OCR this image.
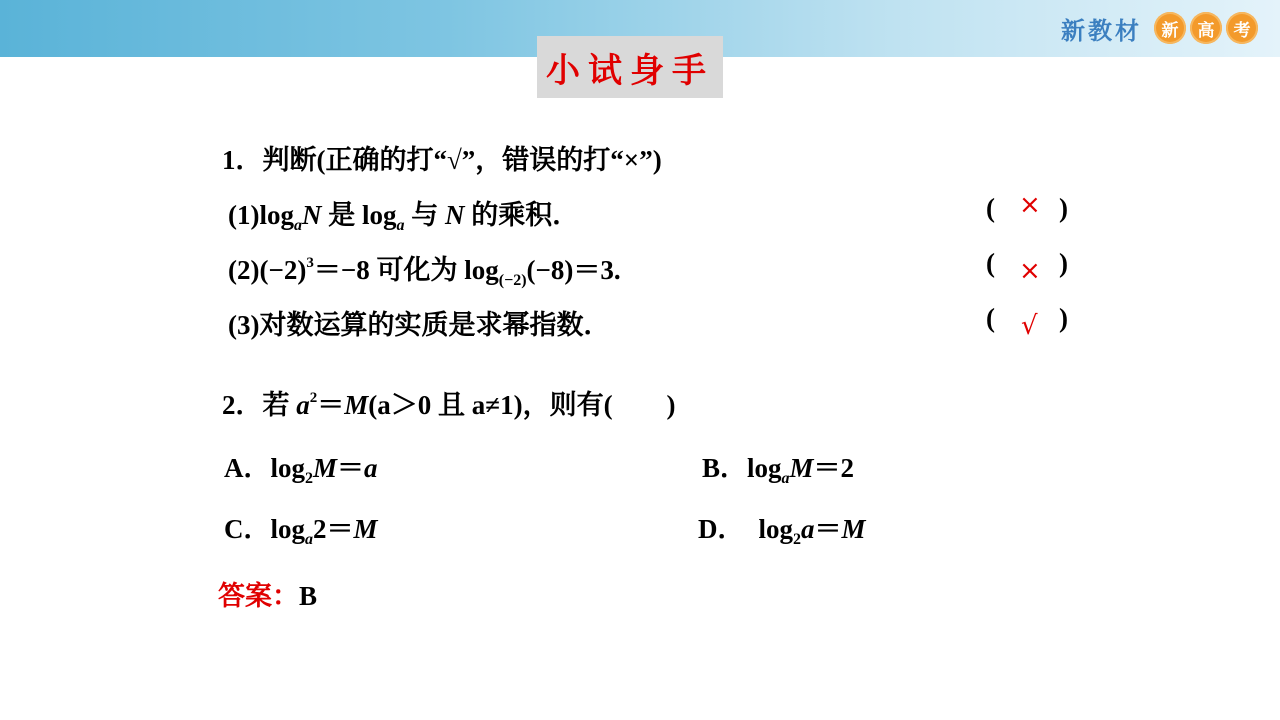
新教材	新	高	考
小试身手
1．判断(正确的打“√”，错误的打“×”)
$(1)\log_aN$ 是 $\log_a$ 与 N 的乘积．	( × )
$(2)(-2)^3=-8$ 可化为 $\log_{(-2)}(-8)=3$.	( × )
(3)对数运算的实质是求幂指数．	( √ )
2．若 $a^2=M(a>0$ 且 a≠1)，则有(　　)
A．$\log_2M=a$	B．$\log_aM=2$
C．$\log_a2=M$	D． $\log_2a=M$
答案：B
